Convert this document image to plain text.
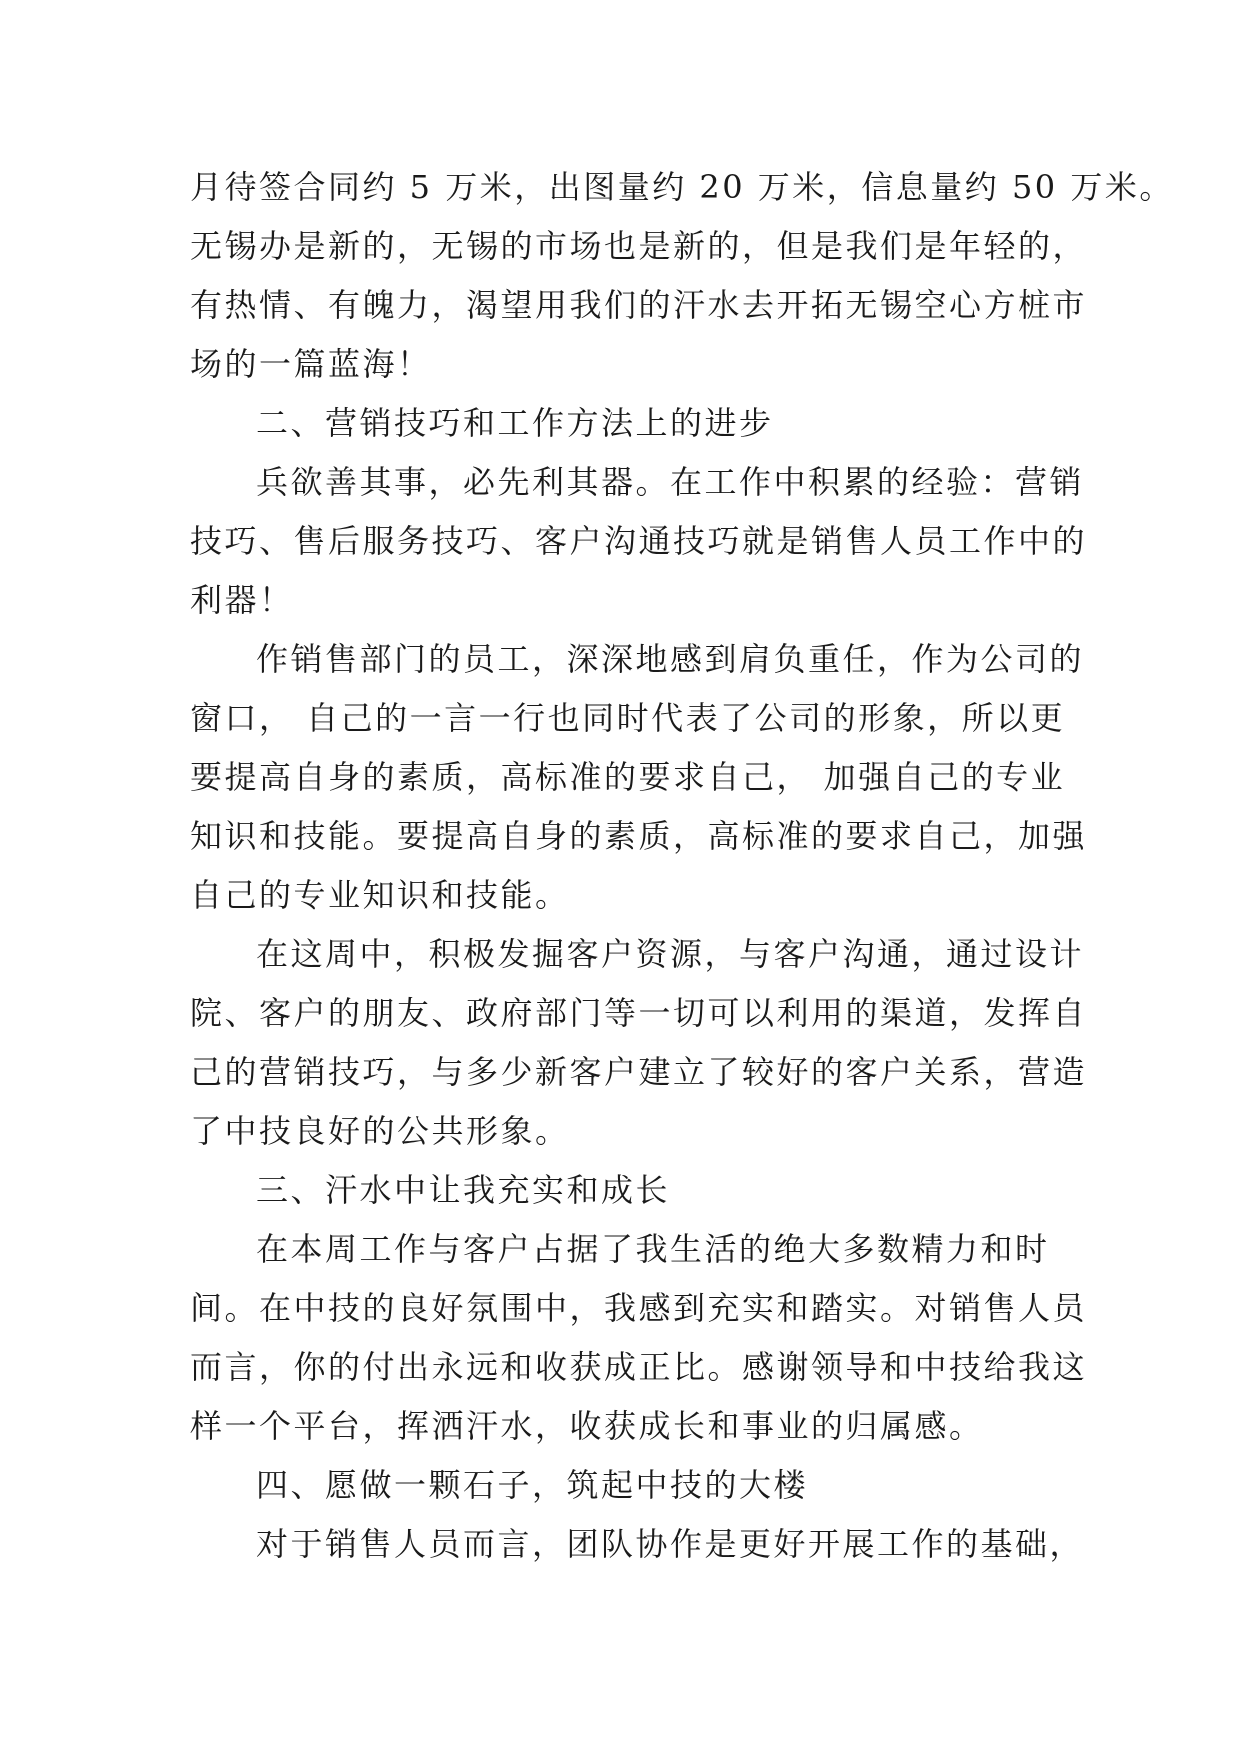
月待签合同约 5 万米，出图量约 20 万米，信息量约 50 万米。
无锡办是新的，无锡的市场也是新的，但是我们是年轻的，
有热情、有魄力，渴望用我们的汗水去开拓无锡空心方桩市
场的一篇蓝海！
二、营销技巧和工作方法上的进步
兵欲善其事，必先利其器。在工作中积累的经验：营销
技巧、售后服务技巧、客户沟通技巧就是销售人员工作中的
利器！
作销售部门的员工，深深地感到肩负重任，作为公司的
窗口， 自己的一言一行也同时代表了公司的形象，所以更
要提高自身的素质，高标准的要求自己， 加强自己的专业
知识和技能。要提高自身的素质，高标准的要求自己，加强
自己的专业知识和技能。
在这周中，积极发掘客户资源，与客户沟通，通过设计
院、客户的朋友、政府部门等一切可以利用的渠道，发挥自
己的营销技巧，与多少新客户建立了较好的客户关系，营造
了中技良好的公共形象。
三、汗水中让我充实和成长
在本周工作与客户占据了我生活的绝大多数精力和时
间。在中技的良好氛围中，我感到充实和踏实。对销售人员
而言，你的付出永远和收获成正比。感谢领导和中技给我这
样一个平台，挥洒汗水，收获成长和事业的归属感。
四、愿做一颗石子，筑起中技的大楼
对于销售人员而言，团队协作是更好开展工作的基础，
